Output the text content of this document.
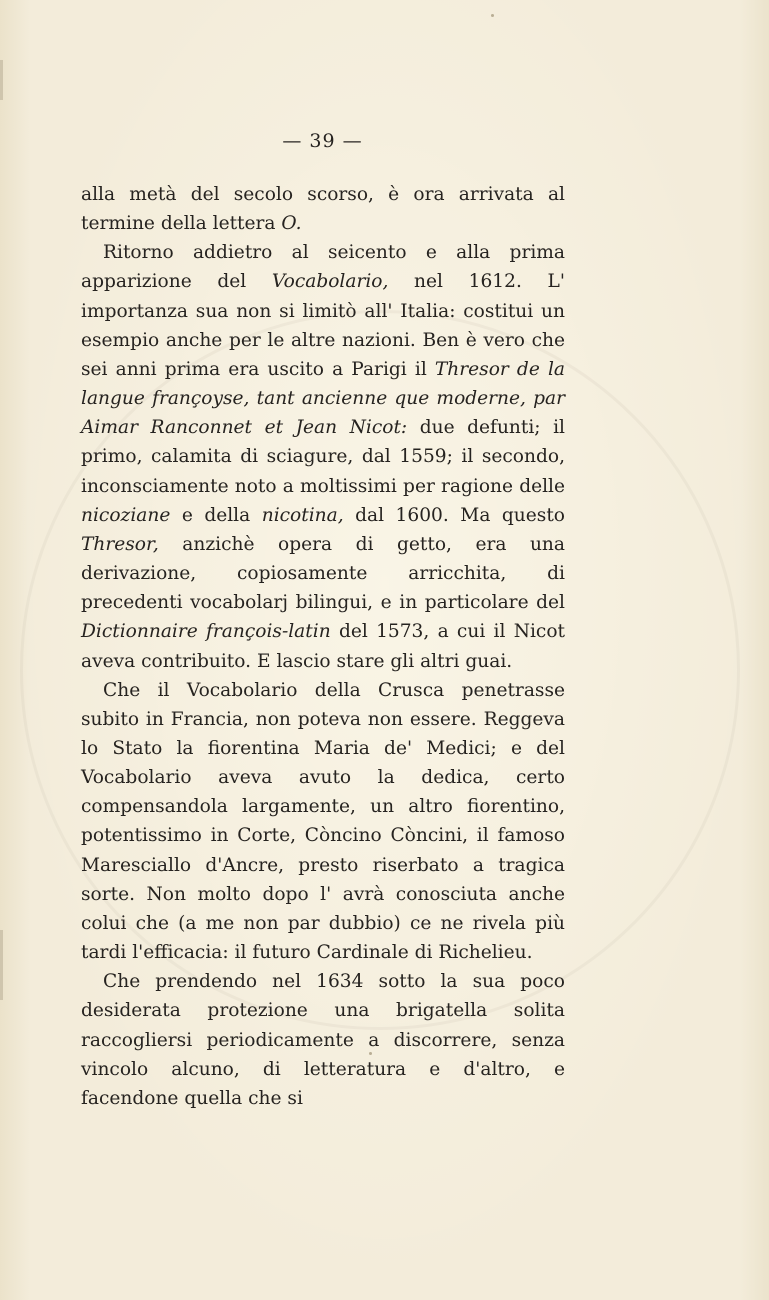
— 39 —

alla metà del secolo scorso, è ora arrivata al termine della lettera O.

Ritorno addietro al seicento e alla prima apparizione del Vocabolario, nel 1612. L' importanza sua non si limitò all' Italia: costitui un esempio anche per le altre nazioni. Ben è vero che sei anni prima era uscito a Parigi il Thresor de la langue françoyse, tant ancienne que moderne, par Aimar Ranconnet et Jean Nicot: due defunti; il primo, calamita di sciagure, dal 1559; il secondo, inconsciamente noto a moltissimi per ragione delle nicoziane e della nicotina, dal 1600. Ma questo Thresor, anzichè opera di getto, era una derivazione, copiosamente arricchita, di precedenti vocabolarj bilingui, e in particolare del Dictionnaire françois-latin del 1573, a cui il Nicot aveva contribuito. E lascio stare gli altri guai.

Che il Vocabolario della Crusca penetrasse subito in Francia, non poteva non essere. Reggeva lo Stato la fiorentina Maria de' Medici; e del Vocabolario aveva avuto la dedica, certo compensandola largamente, un altro fiorentino, potentissimo in Corte, Còncino Còncini, il famoso Maresciallo d'Ancre, presto riserbato a tragica sorte. Non molto dopo l' avrà conosciuta anche colui che (a me non par dubbio) ce ne rivela più tardi l'efficacia: il futuro Cardinale di Richelieu.

Che prendendo nel 1634 sotto la sua poco desiderata protezione una brigatella solita raccogliersi periodicamente a discorrere, senza vincolo alcuno, di letteratura e d'altro, e facendone quella che si
